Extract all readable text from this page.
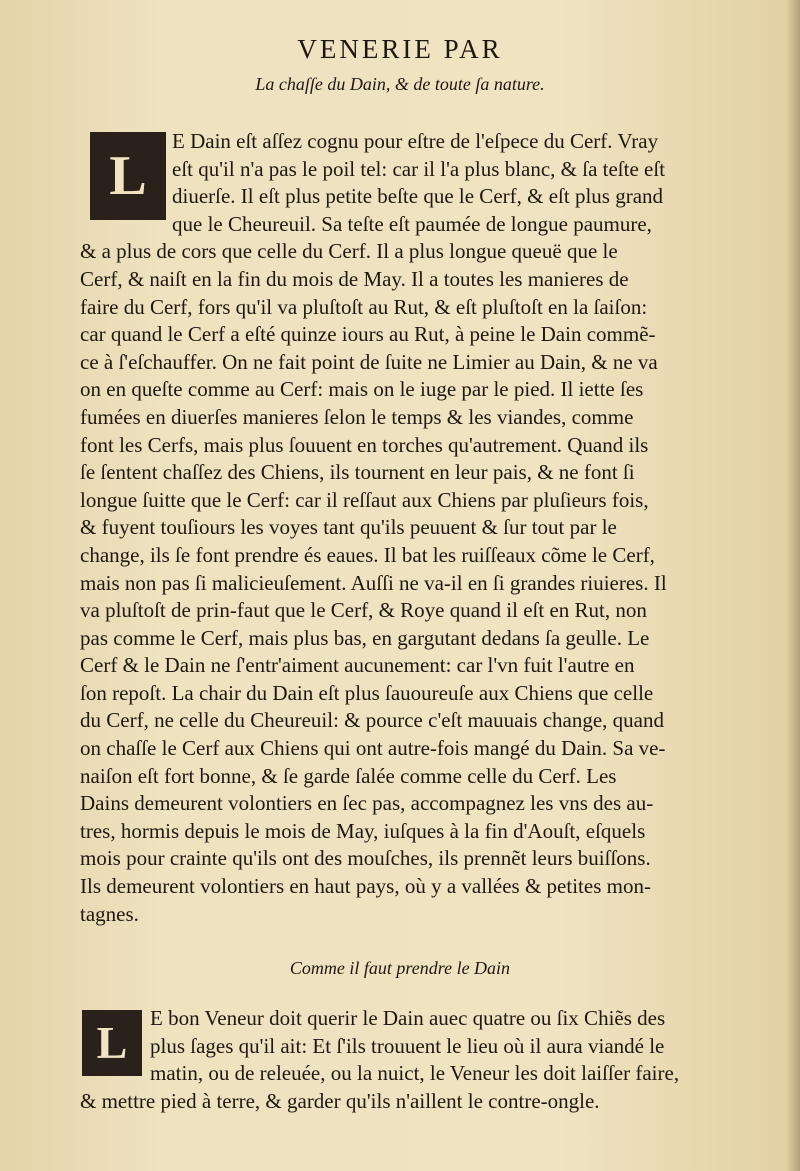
VENERIE PAR
La chaſſe du Dain, & de toute ſa nature.
L
E Dain eſt aſſez cognu pour eſtre de l'eſpece du Cerf. Vray
eſt qu'il n'a pas le poil tel: car il l'a plus blanc, & ſa teſte eſt
diuerſe. Il eſt plus petite beſte que le Cerf, & eſt plus grand
que le Cheureuil. Sa teſte eſt paumée de longue paumure,
& a plus de cors que celle du Cerf. Il a plus longue queuë que le
Cerf, & naiſt en la fin du mois de May. Il a toutes les manieres de
faire du Cerf, fors qu'il va pluſtoſt au Rut, & eſt pluſtoſt en la ſaiſon:
car quand le Cerf a eſté quinze iours au Rut, à peine le Dain commẽ-
ce à ſ'eſchauffer. On ne fait point de ſuite ne Limier au Dain, & ne va
on en queſte comme au Cerf: mais on le iuge par le pied. Il iette ſes
fumées en diuerſes manieres ſelon le temps & les viandes, comme
font les Cerfs, mais plus ſouuent en torches qu'autrement. Quand ils
ſe ſentent chaſſez des Chiens, ils tournent en leur pais, & ne font ſi
longue ſuitte que le Cerf: car il reſſaut aux Chiens par pluſieurs fois,
& fuyent touſiours les voyes tant qu'ils peuuent & ſur tout par le
change, ils ſe font prendre és eaues. Il bat les ruiſſeaux cõme le Cerf,
mais non pas ſi malicieuſement. Auſſi ne va-il en ſi grandes riuieres. Il
va pluſtoſt de prin-faut que le Cerf, & Roye quand il eſt en Rut, non
pas comme le Cerf, mais plus bas, en gargutant dedans ſa geulle. Le
Cerf & le Dain ne ſ'entr'aiment aucunement: car l'vn fuit l'autre en
ſon repoſt. La chair du Dain eſt plus ſauoureuſe aux Chiens que celle
du Cerf, ne celle du Cheureuil: & pource c'eſt mauuais change, quand
on chaſſe le Cerf aux Chiens qui ont autre-fois mangé du Dain. Sa ve-
naiſon eſt fort bonne, & ſe garde ſalée comme celle du Cerf. Les
Dains demeurent volontiers en ſec pas, accompagnez les vns des au-
tres, hormis depuis le mois de May, iuſques à la fin d'Aouſt, eſquels
mois pour crainte qu'ils ont des mouſches, ils prennẽt leurs buiſſons.
Ils demeurent volontiers en haut pays, où y a vallées & petites mon-
tagnes.
Comme il faut prendre le Dain
L	E bon Veneur doit querir le Dain auec quatre ou ſix Chiẽs des
plus ſages qu'il ait: Et ſ'ils trouuent le lieu où il aura viandé le
matin, ou de releuée, ou la nuict, le Veneur les doit laiſſer faire,
& mettre pied à terre, & garder qu'ils n'aillent le contre-ongle.
